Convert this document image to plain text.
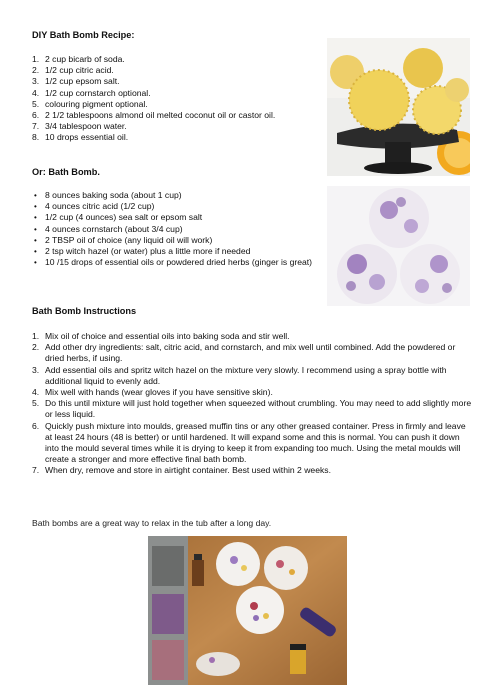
DIY Bath Bomb Recipe:
1. 2 cup bicarb of soda.
2. 1/2 cup citric acid.
3. 1/2 cup epsom salt.
4. 1/2 cup cornstarch optional.
5. colouring pigment optional.
6. 2 1/2 tablespoons almond oil melted coconut oil or castor oil.
7. 3/4 tablespoon water.
8. 10 drops essential oil.
Or: Bath Bomb.
• 8 ounces baking soda (about 1 cup)
• 4 ounces citric acid (1/2 cup)
• 1/2 cup (4 ounces) sea salt or epsom salt
• 4 ounces cornstarch (about 3/4 cup)
• 2 TBSP oil of choice (any liquid oil will work)
• 2 tsp witch hazel (or water) plus a little more if needed
• 10 /15 drops of essential oils or powdered dried herbs (ginger is great)
Bath Bomb Instructions
1. Mix oil of choice and essential oils into baking soda and stir well.
2. Add other dry ingredients: salt, citric acid, and cornstarch, and mix well until combined. Add the powdered or dried herbs, if using.
3. Add essential oils and spritz witch hazel on the mixture very slowly. I recommend using a spray bottle with additional liquid to evenly add.
4. Mix well with hands (wear gloves if you have sensitive skin).
5. Do this until mixture will just hold together when squeezed without crumbling. You may need to add slightly more or less liquid.
6. Quickly push mixture into moulds, greased muffin tins or any other greased container. Press in firmly and leave at least 24 hours (48 is better) or until hardened. It will expand some and this is normal. You can push it down into the mould several times while it is drying to keep it from expanding too much. Using the metal moulds will create a stronger and more effective final bath bomb.
7. When dry, remove and store in airtight container. Best used within 2 weeks.
Bath bombs are a great way to relax in the tub after a long day.
